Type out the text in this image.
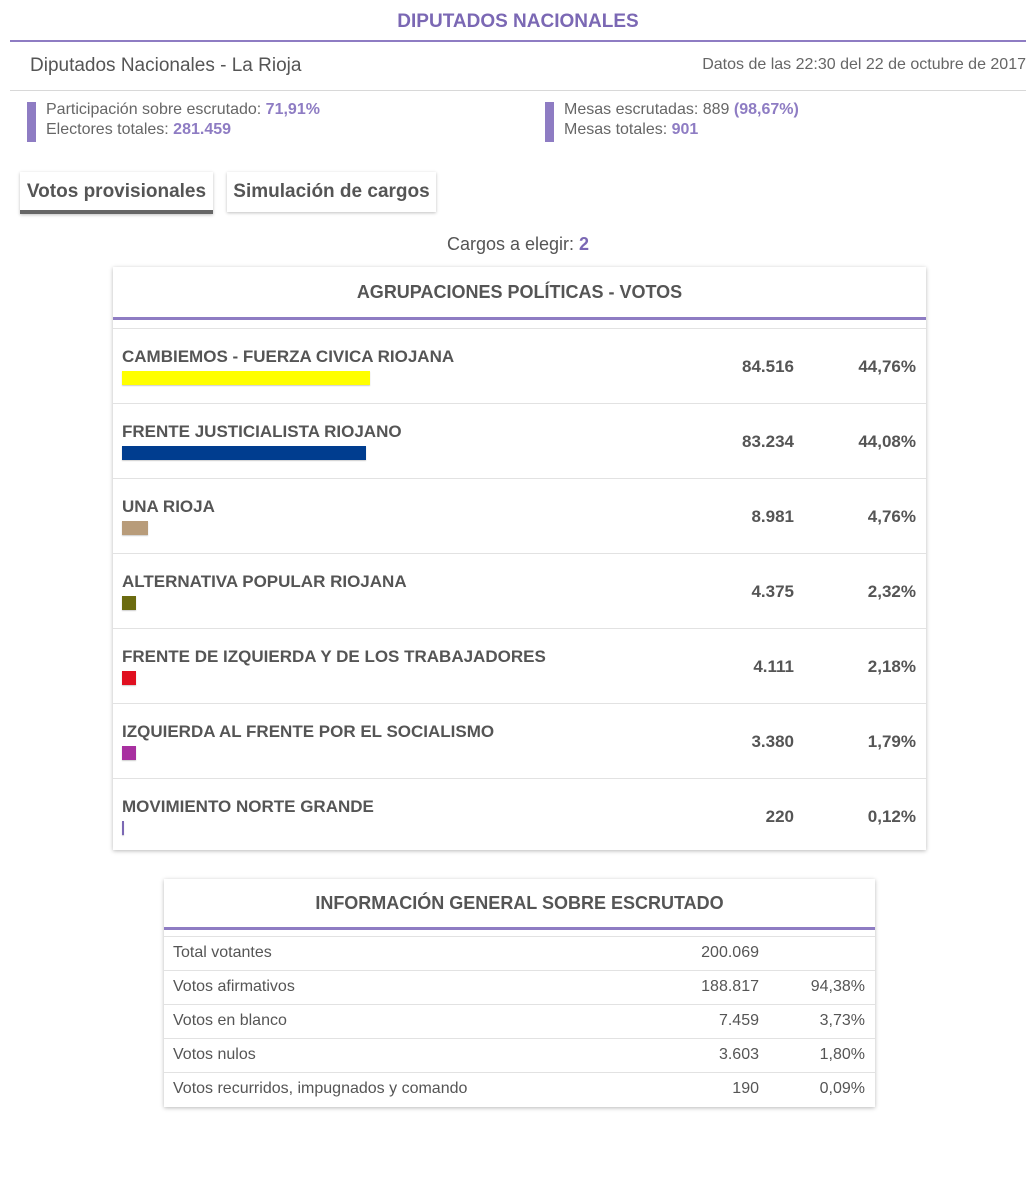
DIPUTADOS NACIONALES
Diputados Nacionales - La Rioja	Datos de las 22:30 del 22 de octubre de 2017
Participación sobre escrutado: 71,91%
Electores totales: 281.459
Mesas escrutadas: 889 (98,67%)
Mesas totales: 901
Votos provisionales	Simulación de cargos
Cargos a elegir: 2
AGRUPACIONES POLÍTICAS - VOTOS
CAMBIEMOS - FUERZA CIVICA RIOJANA
84.516	44,76%
FRENTE JUSTICIALISTA RIOJANO
83.234	44,08%
UNA RIOJA
8.981	4,76%
ALTERNATIVA POPULAR RIOJANA
4.375	2,32%
FRENTE DE IZQUIERDA Y DE LOS TRABAJADORES
4.111	2,18%
IZQUIERDA AL FRENTE POR EL SOCIALISMO
3.380	1,79%
MOVIMIENTO NORTE GRANDE
220	0,12%
INFORMACIÓN GENERAL SOBRE ESCRUTADO
Total votantes	200.069
Votos afirmativos	188.817	94,38%
Votos en blanco	7.459	3,73%
Votos nulos	3.603	1,80%
Votos recurridos, impugnados y comando	190	0,09%
